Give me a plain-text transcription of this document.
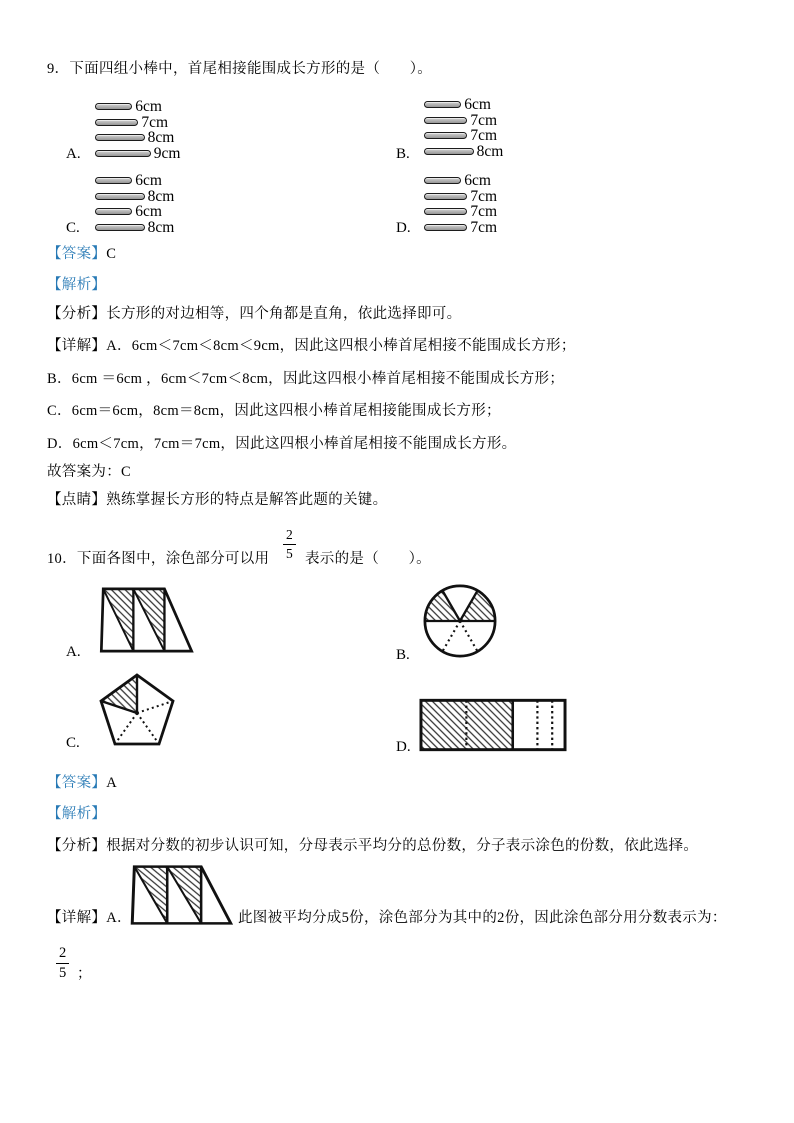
9．下面四组小棒中，首尾相接能围成长方形的是（　　）。
6cm
7cm
8cm
9cm
6cm
7cm
7cm
8cm
6cm
8cm
6cm
8cm
6cm
7cm
7cm
7cm
A.	B.
C.	D.
【答案】C
【解析】
【分析】长方形的对边相等，四个角都是直角，依此选择即可。
【详解】A．6cm＜7cm＜8cm＜9cm，因此这四根小棒首尾相接不能围成长方形；
B．6cm ＝6cm ，6cm＜7cm＜8cm，因此这四根小棒首尾相接不能围成长方形；
C．6cm＝6cm，8cm＝8cm，因此这四根小棒首尾相接能围成长方形；
D．6cm＜7cm，7cm＝7cm，因此这四根小棒首尾相接不能围成长方形。
故答案为：C
【点睛】熟练掌握长方形的特点是解答此题的关键。
10．下面各图中，涂色部分可以用 $\frac{2}{5}$ 表示的是（　　）。
A.	B.
C.	D.
【答案】A
【解析】
【分析】根据对分数的初步认识可知，分母表示平均分的总份数，分子表示涂色的份数，依此选择。
【详解】A．	此图被平均分成5份，涂色部分为其中的2份，因此涂色部分用分数表示为：
$\frac{2}{5}$ ；
